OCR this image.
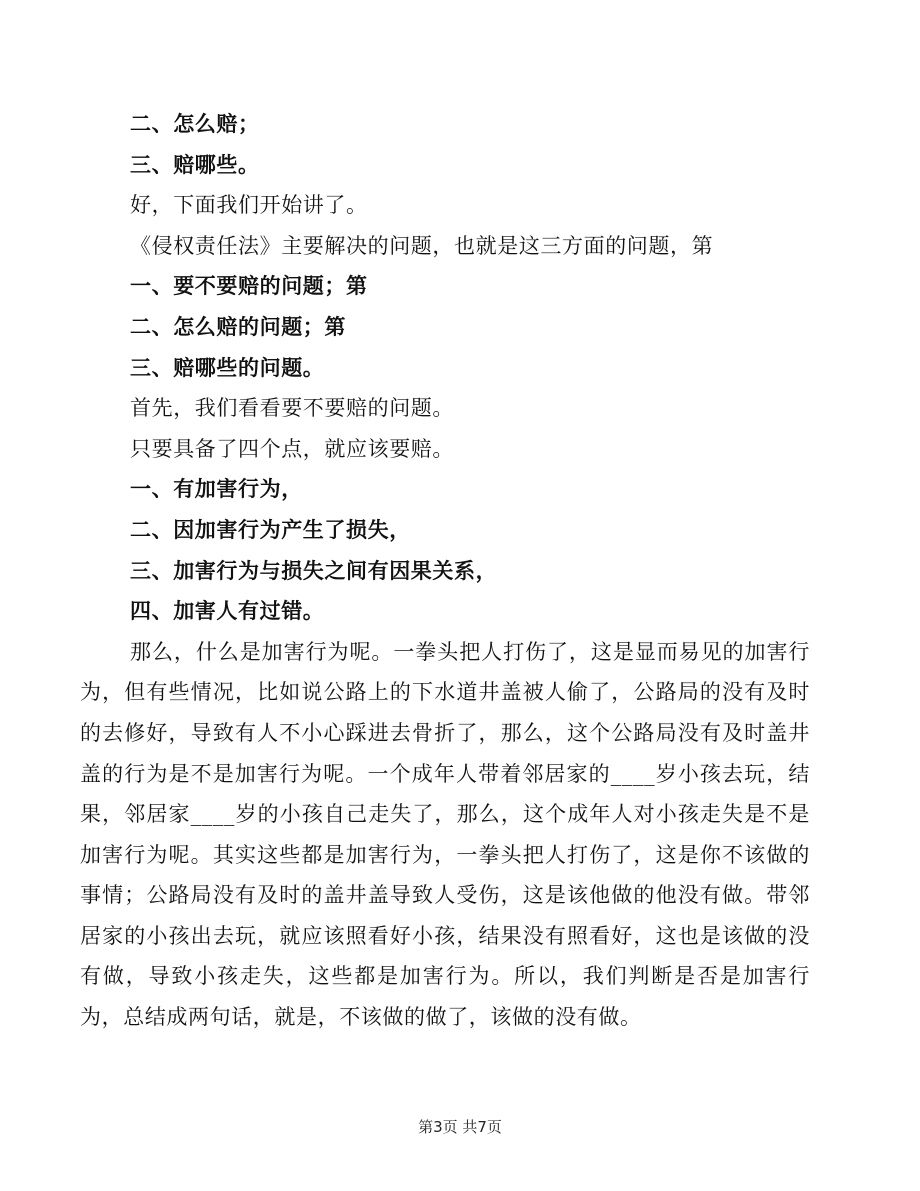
二、怎么赔；
三、赔哪些。
好，下面我们开始讲了。
《侵权责任法》主要解决的问题，也就是这三方面的问题，第
一、要不要赔的问题；第
二、怎么赔的问题；第
三、赔哪些的问题。
首先，我们看看要不要赔的问题。
只要具备了四个点，就应该要赔。
一、有加害行为，
二、因加害行为产生了损失，
三、加害行为与损失之间有因果关系，
四、加害人有过错。
那么，什么是加害行为呢。一拳头把人打伤了，这是显而易见的加害行为，但有些情况，比如说公路上的下水道井盖被人偷了，公路局的没有及时的去修好，导致有人不小心踩进去骨折了，那么，这个公路局没有及时盖井盖的行为是不是加害行为呢。一个成年人带着邻居家的____岁小孩去玩，结果，邻居家____岁的小孩自己走失了，那么，这个成年人对小孩走失是不是加害行为呢。其实这些都是加害行为，一拳头把人打伤了，这是你不该做的事情；公路局没有及时的盖井盖导致人受伤，这是该他做的他没有做。带邻居家的小孩出去玩，就应该照看好小孩，结果没有照看好，这也是该做的没有做，导致小孩走失，这些都是加害行为。所以，我们判断是否是加害行为，总结成两句话，就是，不该做的做了，该做的没有做。
第3页 共7页
